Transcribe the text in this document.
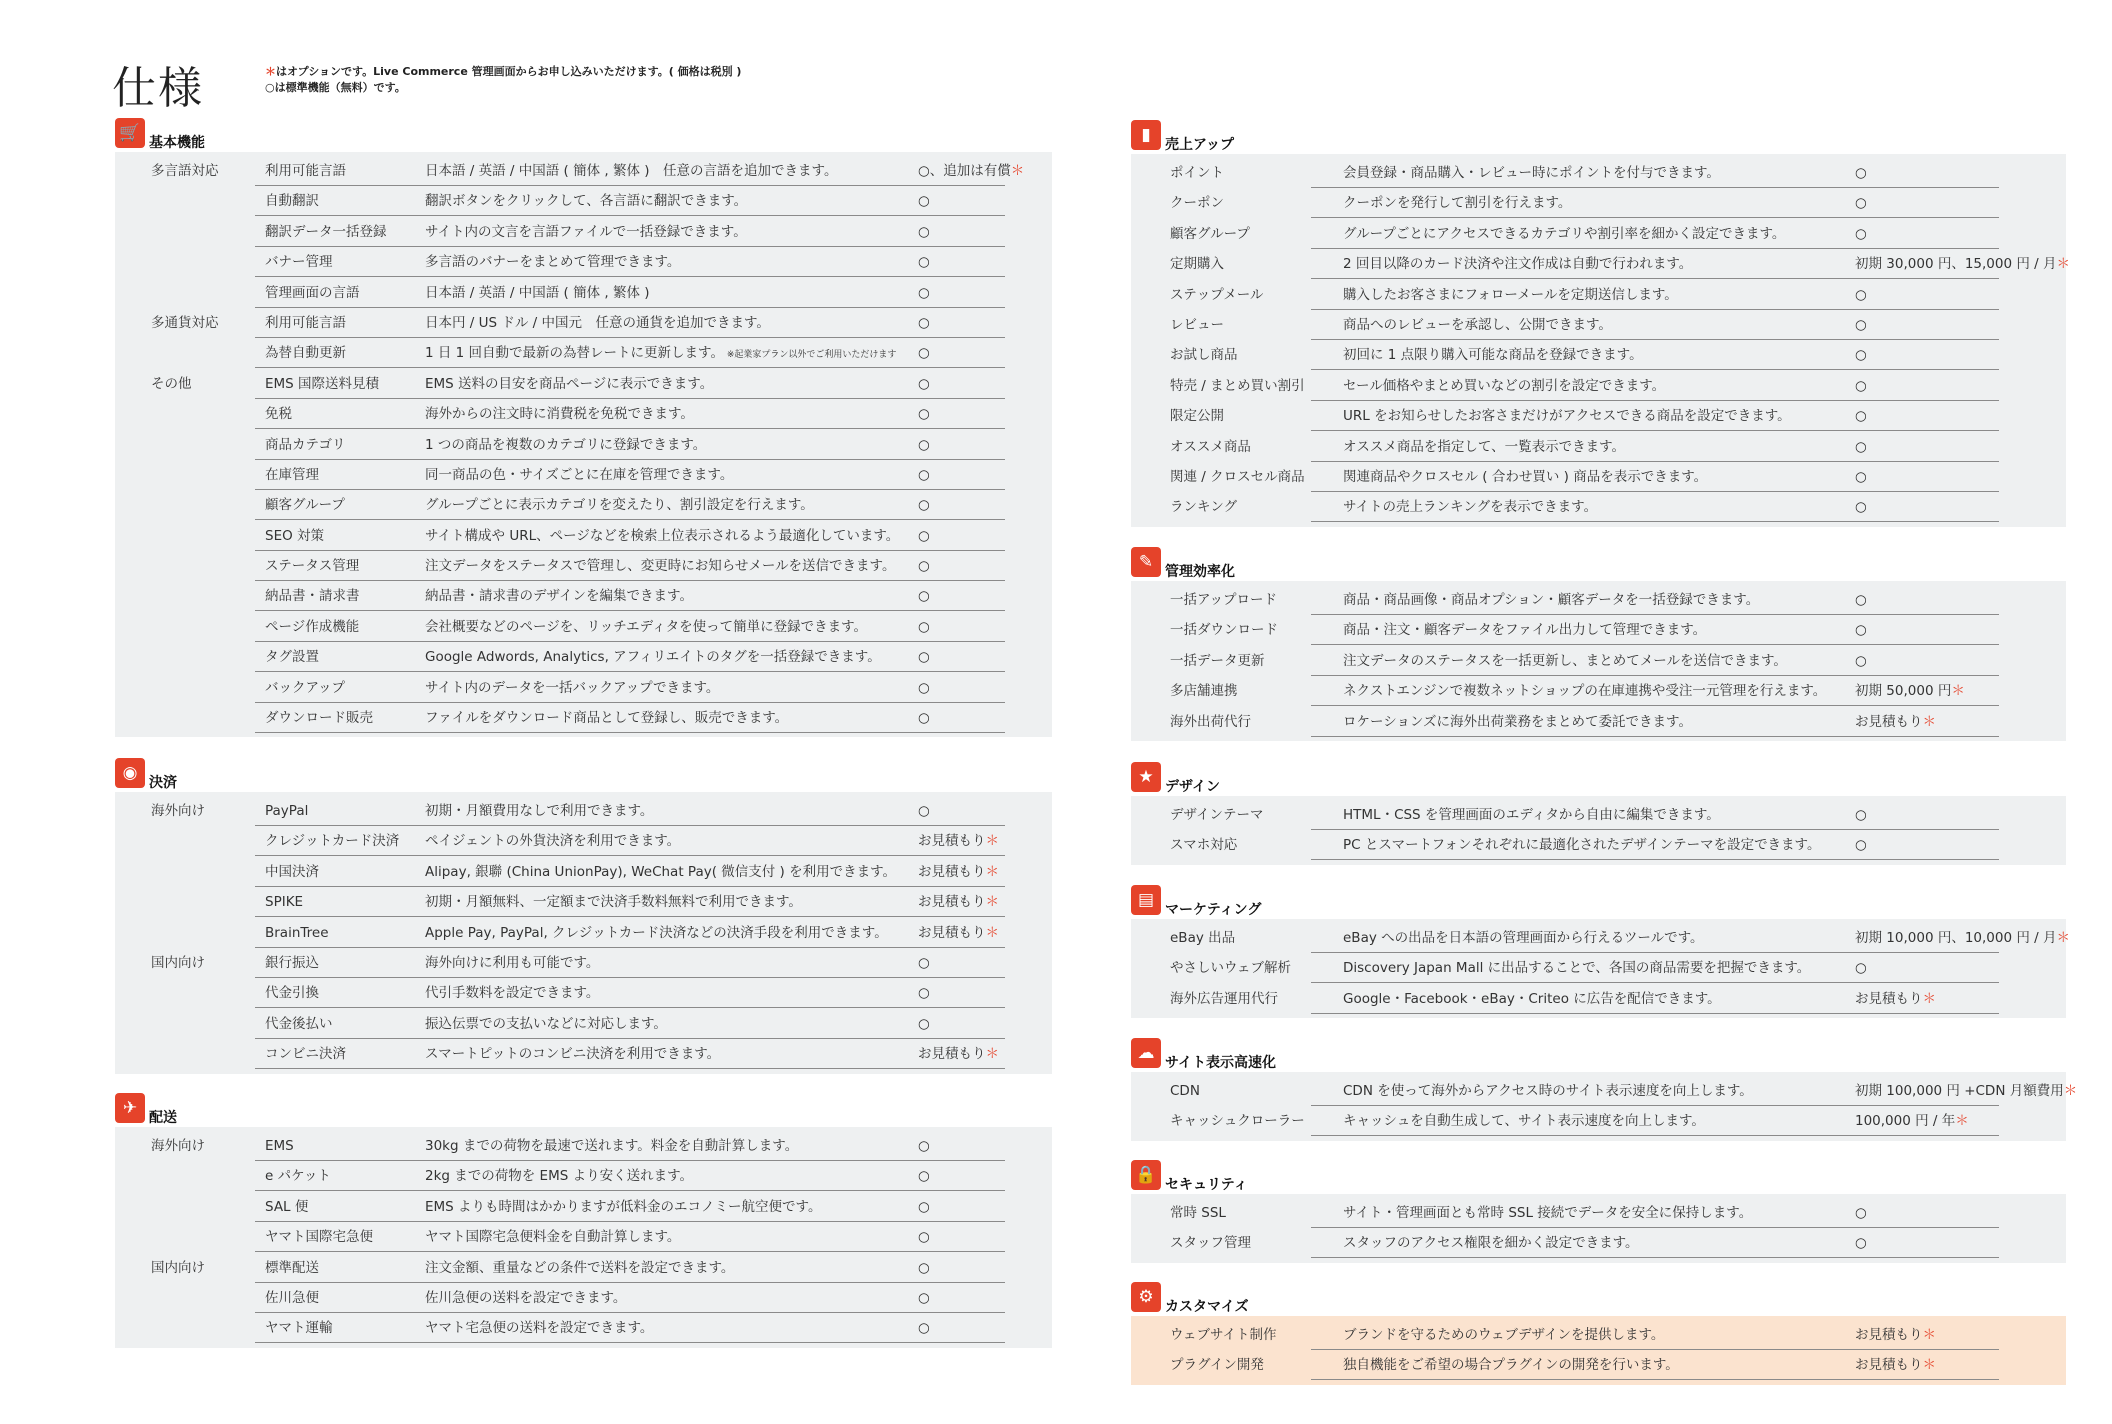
仕様	＊はオプションです。Live Commerce 管理画面からお申し込みいただけます。( 価格は税別 )
○は標準機能（無料）です。
🛒 基本機能
多言語対応	利用可能言語	日本語 / 英語 / 中国語 ( 簡体 , 繁体 )　任意の言語を追加できます。	○、追加は有償＊
自動翻訳	翻訳ボタンをクリックして、各言語に翻訳できます。	○
翻訳データ一括登録	サイト内の文言を言語ファイルで一括登録できます。	○
バナー管理	多言語のバナーをまとめて管理できます。	○
管理画面の言語	日本語 / 英語 / 中国語 ( 簡体 , 繁体 )	○
多通貨対応	利用可能言語	日本円 / US ドル / 中国元　任意の通貨を追加できます。	○
為替自動更新	1 日 1 回自動で最新の為替レートに更新します。 ※起業家プラン以外でご利用いただけます ○
その他	EMS 国際送料見積	EMS 送料の目安を商品ページに表示できます。	○
免税	海外からの注文時に消費税を免税できます。	○
商品カテゴリ	1 つの商品を複数のカテゴリに登録できます。	○
在庫管理	同一商品の色・サイズごとに在庫を管理できます。	○
顧客グループ	グループごとに表示カテゴリを変えたり、割引設定を行えます。	○
SEO 対策	サイト構成や URL、ページなどを検索上位表示されるよう最適化しています。 ○
ステータス管理	注文データをステータスで管理し、変更時にお知らせメールを送信できます。 ○
納品書・請求書	納品書・請求書のデザインを編集できます。	○
ページ作成機能	会社概要などのページを、リッチエディタを使って簡単に登録できます。	○
タグ設置	Google Adwords, Analytics, アフィリエイトのタグを一括登録できます。	○
バックアップ	サイト内のデータを一括バックアップできます。	○
ダウンロード販売	ファイルをダウンロード商品として登録し、販売できます。	○
◉ 決済
海外向け	PayPal	初期・月額費用なしで利用できます。	○
クレジットカード決済 ペイジェントの外貨決済を利用できます。	お見積もり＊
中国決済	Alipay, 銀聯 (China UnionPay), WeChat Pay( 微信支付 ) を利用できます。 お見積もり＊
SPIKE	初期・月額無料、一定額まで決済手数料無料で利用できます。	お見積もり＊
BrainTree	Apple Pay, PayPal, クレジットカード決済などの決済手段を利用できます。 お見積もり＊
国内向け	銀行振込	海外向けに利用も可能です。	○
代金引換	代引手数料を設定できます。	○
代金後払い	振込伝票での支払いなどに対応します。	○
コンビニ決済	スマートピットのコンビニ決済を利用できます。	お見積もり＊
✈ 配送
海外向け	EMS	30kg までの荷物を最速で送れます。料金を自動計算します。	○
e パケット	2kg までの荷物を EMS より安く送れます。	○
SAL 便	EMS よりも時間はかかりますが低料金のエコノミー航空便です。	○
ヤマト国際宅急便	ヤマト国際宅急便料金を自動計算します。	○
国内向け	標準配送	注文金額、重量などの条件で送料を設定できます。	○
佐川急便	佐川急便の送料を設定できます。	○
ヤマト運輸	ヤマト宅急便の送料を設定できます。	○
▮	売上アップ
ポイント	会員登録・商品購入・レビュー時にポイントを付与できます。	○
クーポン	クーポンを発行して割引を行えます。	○
顧客グループ	グループごとにアクセスできるカテゴリや割引率を細かく設定できます。	○
定期購入	2 回目以降のカード決済や注文作成は自動で行われます。	初期 30,000 円、15,000 円 / 月＊
ステップメール	購入したお客さまにフォローメールを定期送信します。	○
レビュー	商品へのレビューを承認し、公開できます。	○
お試し商品	初回に 1 点限り購入可能な商品を登録できます。	○
特売 / まとめ買い割引	セール価格やまとめ買いなどの割引を設定できます。	○
限定公開	URL をお知らせしたお客さまだけがアクセスできる商品を設定できます。	○
オススメ商品	オススメ商品を指定して、一覧表示できます。	○
関連 / クロスセル商品	関連商品やクロスセル ( 合わせ買い ) 商品を表示できます。	○
ランキング	サイトの売上ランキングを表示できます。	○
✎ 管理効率化
一括アップロード	商品・商品画像・商品オプション・顧客データを一括登録できます。	○
一括ダウンロード	商品・注文・顧客データをファイル出力して管理できます。	○
一括データ更新	注文データのステータスを一括更新し、まとめてメールを送信できます。	○
多店舗連携	ネクストエンジンで複数ネットショップの在庫連携や受注一元管理を行えます。 初期 50,000 円＊
海外出荷代行	ロケーションズに海外出荷業務をまとめて委託できます。	お見積もり＊
★ デザイン
デザインテーマ	HTML・CSS を管理画面のエディタから自由に編集できます。	○
スマホ対応	PC とスマートフォンそれぞれに最適化されたデザインテーマを設定できます。	○
▤ マーケティング
eBay 出品	eBay への出品を日本語の管理画面から行えるツールです。	初期 10,000 円、10,000 円 / 月＊
やさしいウェブ解析	Discovery Japan Mall に出品することで、各国の商品需要を把握できます。	○
海外広告運用代行	Google・Facebook・eBay・Criteo に広告を配信できます。	お見積もり＊
☁ サイト表示高速化
CDN	CDN を使って海外からアクセス時のサイト表示速度を向上します。	初期 100,000 円 +CDN 月額費用＊
キャッシュクローラー	キャッシュを自動生成して、サイト表示速度を向上します。	100,000 円 / 年＊
🔒 セキュリティ
常時 SSL	サイト・管理画面とも常時 SSL 接続でデータを安全に保持します。	○
スタッフ管理	スタッフのアクセス権限を細かく設定できます。	○
⚙ カスタマイズ
ウェブサイト制作	ブランドを守るためのウェブデザインを提供します。	お見積もり＊
プラグイン開発	独自機能をご希望の場合プラグインの開発を行います。	お見積もり＊
